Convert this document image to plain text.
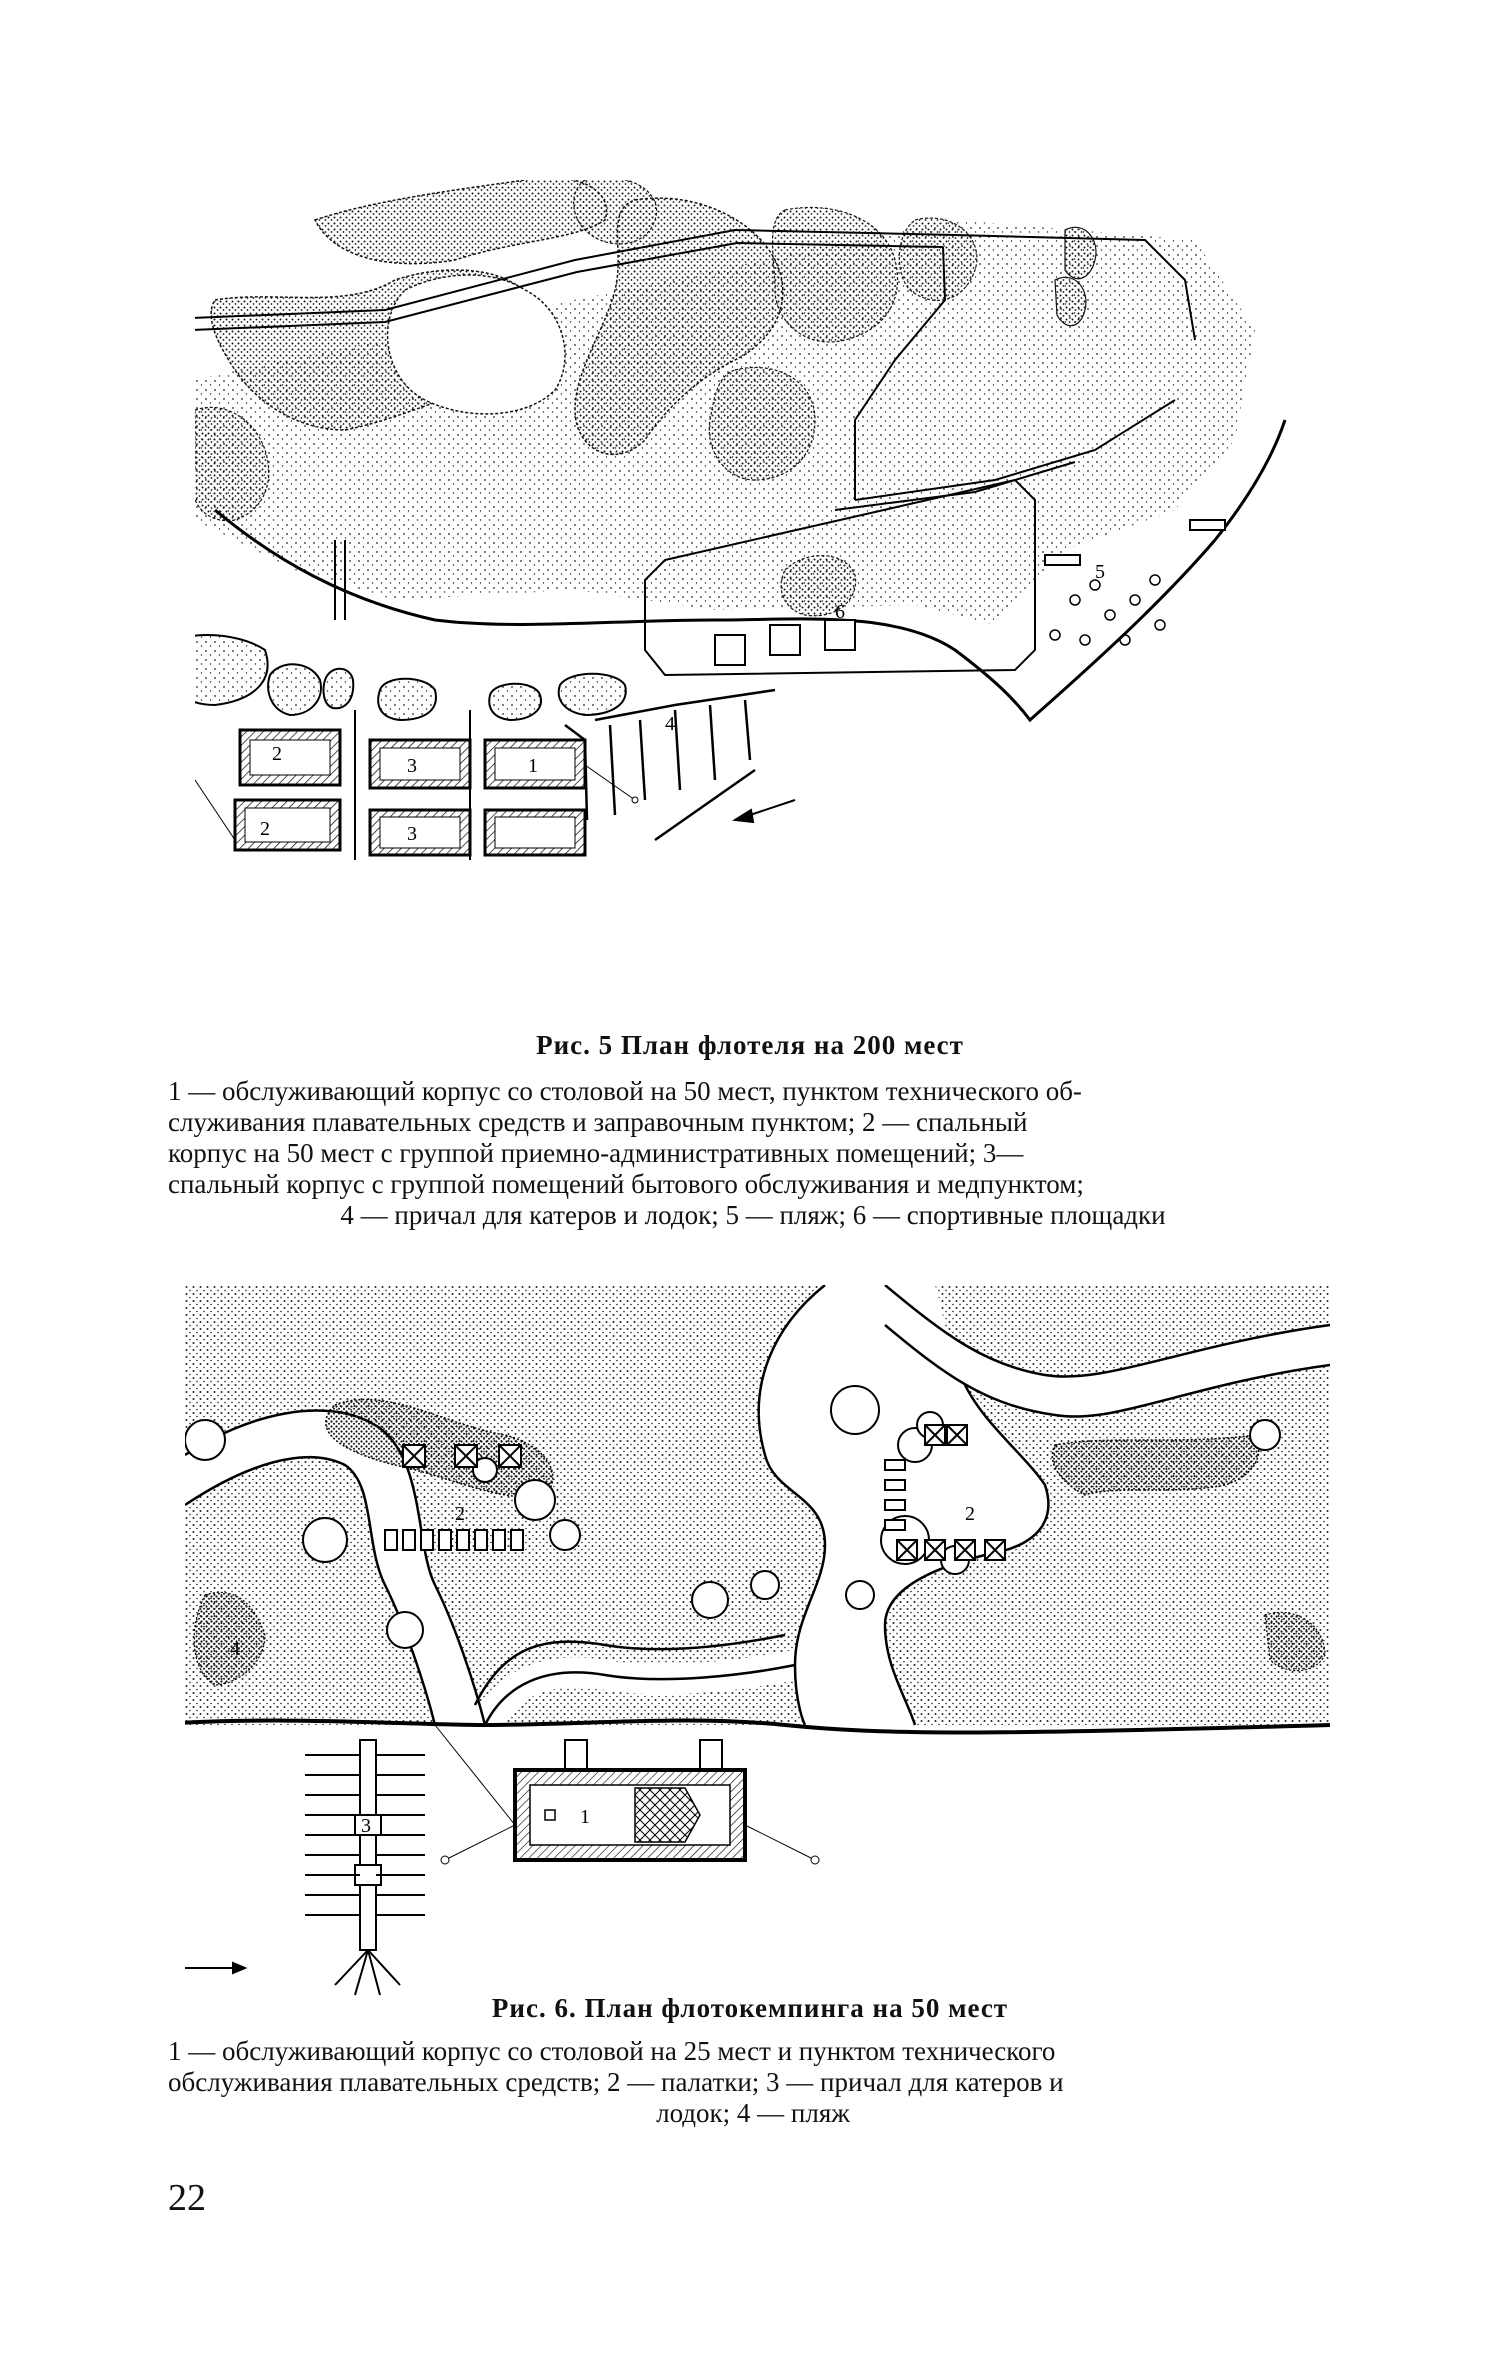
1
2
2
3
3
4
5
6
Рис. 5 План флотеля на 200 мест
1 — обслуживающий корпус со столовой на 50 мест, пунктом технического об-
служивания плавательных средств и заправочным пунктом; 2 — спальный
корпус на 50 мест с группой приемно-административных помещений; 3—
спальный корпус с группой помещений бытового обслуживания и медпунктом;
4 — причал для катеров и лодок; 5 — пляж; 6 — спортивные площадки
1
2	2
3
4
Рис. 6. План флотокемпинга на 50 мест
1 — обслуживающий корпус со столовой на 25 мест и пунктом технического
обслуживания плавательных средств; 2 — палатки; 3 — причал для катеров и
лодок; 4 — пляж
22
